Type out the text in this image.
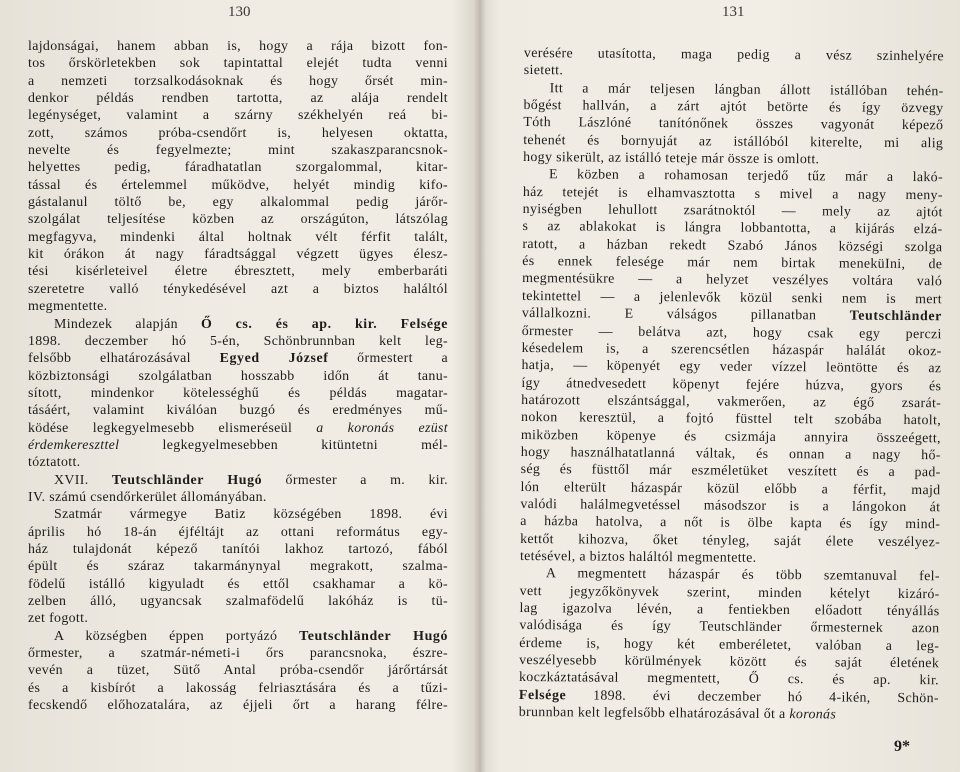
130
lajdonságai, hanem abban is, hogy a rája bizott fon-
tos őrskörletekben sok tapintattal elejét tudta venni
a nemzeti torzsalkodásoknak és hogy őrsét min-
denkor példás rendben tartotta, az alája rendelt
legénységet, valamint a szárny székhelyén reá bi-
zott, számos próba-csendőrt is, helyesen oktatta,
nevelte és fegyelmezte; mint szakaszparancsnok-
helyettes pedig, fáradhatatlan szorgalommal, kitar-
tással és értelemmel működve, helyét mindig kifo-
gástalanul töltő be, egy alkalommal pedig járőr-
szolgálat teljesítése közben az országúton, látszólag
megfagyva, mindenki által holtnak vélt férfit talált,
kit órákon át nagy fáradtsággal végzett ügyes élesz-
tési kisérleteivel életre ébresztett, mely emberbaráti
szeretetre valló ténykedésével azt a biztos haláltól
megmentette.
Mindezek alapján Ő cs. és ap. kir. Felsége
1898. deczember hó 5-én, Schönbrunnban kelt leg-
felsőbb elhatározásával Egyed József őrmestert a
közbiztonsági szolgálatban hosszabb időn át tanu-
sított, mindenkor kötelességhű és példás magatar-
tásáért, valamint kiválóan buzgó és eredményes mű-
ködése legkegyelmesebb elismeréseül a koronás ezüst
érdemkereszttel legkegyelmesebben kitüntetni mél-
tóztatott.
XVII. Teutschländer Hugó őrmester a m. kir.
IV. számú csendőrkerület állományában.
Szatmár vármegye Batiz községében 1898. évi
április hó 18-án éjféltájt az ottani református egy-
ház tulajdonát képező tanítói lakhoz tartozó, fából
épült és száraz takarmánynyal megrakott, szalma-
födelű istálló kigyuladt és ettől csakhamar a kö-
zelben álló, ugyancsak szalmafödelű lakóház is tü-
zet fogott.
A községben éppen portyázó Teutschländer Hugó
őrmester, a szatmár-németi-i őrs parancsnoka, észre-
vevén a tüzet, Sütő Antal próba-csendőr járőrtársát
és a kisbírót a lakosság felriasztására és a tűzi-
fecskendő előhozatalára, az éjjeli őrt a harang félre-
131
verésére utasította, maga pedig a vész szinhelyére
sietett.
Itt a már teljesen lángban állott istállóban tehén-
bőgést hallván, a zárt ajtót betörte és így özvegy
Tóth Lászlóné tanítónőnek összes vagyonát képező
tehenét és bornyuját az istállóból kiterelte, mi alig
hogy sikerült, az istálló teteje már össze is omlott.
E közben a rohamosan terjedő tűz már a lakó-
ház tetejét is elhamvasztotta s mivel a nagy meny-
nyiségben lehullott zsarátnoktól — mely az ajtót
s az ablakokat is lángra lobbantotta, a kijárás elzá-
ratott, a házban rekedt Szabó János községi szolga
és ennek felesége már nem birtak meneküIni, de
megmentésükre — a helyzet veszélyes voltára való
tekintettel — a jelenlevők közül senki nem is mert
vállalkozni. E válságos pillanatban Teutschländer
őrmester — belátva azt, hogy csak egy perczi
késedelem is, a szerencsétlen házaspár halálát okoz-
hatja, — köpenyét egy veder vízzel leöntötte és az
így átnedvesedett köpenyt fejére húzva, gyors és
határozott elszántsággal, vakmerően, az égő zsarát-
nokon keresztül, a fojtó füsttel telt szobába hatolt,
miközben köpenye és csizmája annyira összeégett,
hogy használhatatlanná váltak, és onnan a nagy hő-
ség és füsttől már eszméletüket veszített és a pad-
lón elterült házaspár közül előbb a férfit, majd
valódi halálmegvetéssel másodszor is a lángokon át
a házba hatolva, a nőt is ölbe kapta és így mind-
kettőt kihozva, őket tényleg, saját élete veszélyez-
tetésével, a biztos haláltól megmentette.
A megmentett házaspár és több szemtanuval fel-
vett jegyzőkönyvek szerint, minden kételyt kizáró-
lag igazolva lévén, a fentiekben előadott tényállás
valódisága és így Teutschländer őrmesternek azon
érdeme is, hogy két emberéletet, valóban a leg-
veszélyesebb körülmények között és saját életének
koczkáztatásával megmentett, Ő cs. és ap. kir.
Felsége 1898. évi deczember hó 4-ikén, Schön-
brunnban kelt legfelsőbb elhatározásával őt a koronás
9*
